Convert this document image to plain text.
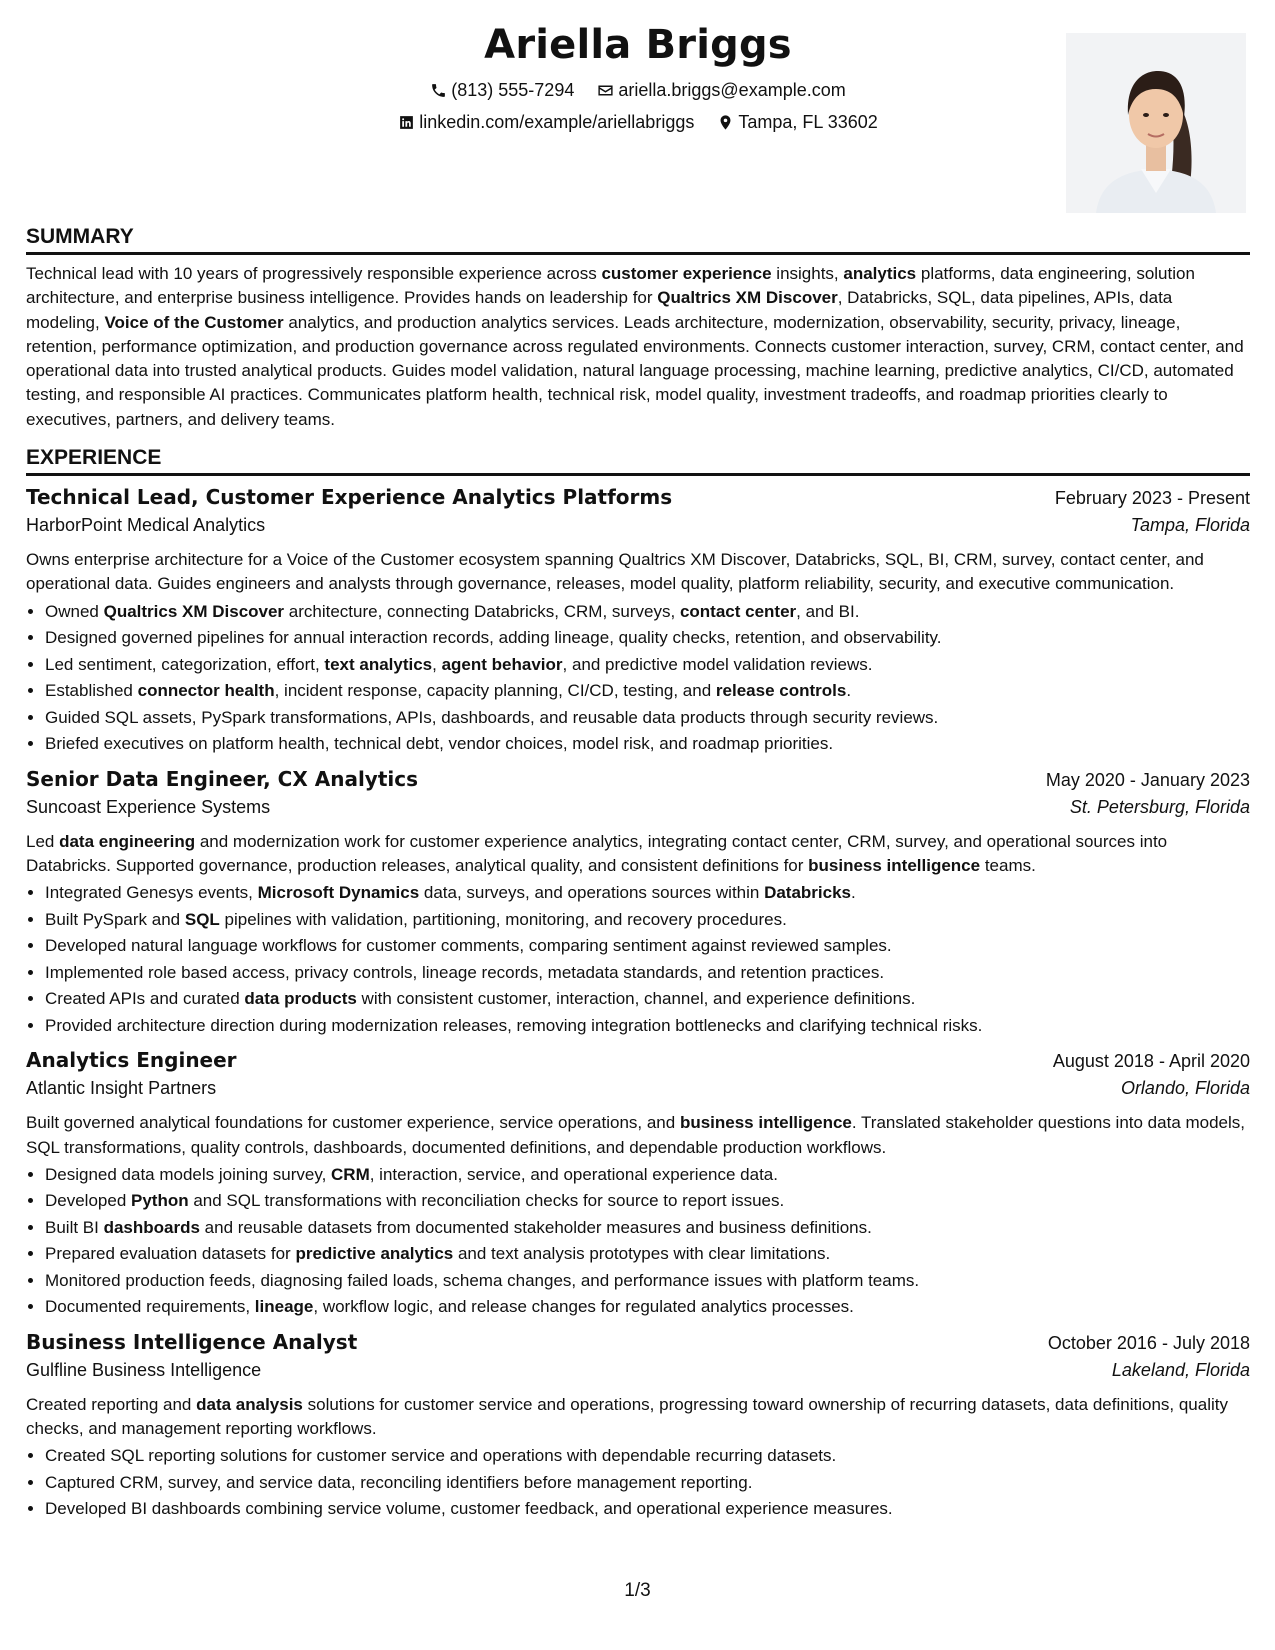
Ariella Briggs
(813) 555-7294
ariella.briggs@example.com
linkedin.com/example/ariellabriggs
Tampa, FL 33602
SUMMARY

Technical lead with 10 years of progressively responsible experience across customer experience insights, analytics platforms, data engineering, solution architecture, and enterprise business intelligence. Provides hands on leadership for Qualtrics XM Discover, Databricks, SQL, data pipelines, APIs, data modeling, Voice of the Customer analytics, and production analytics services. Leads architecture, modernization, observability, security, privacy, lineage, retention, performance optimization, and production governance across regulated environments. Connects customer interaction, survey, CRM, contact center, and operational data into trusted analytical products. Guides model validation, natural language processing, machine learning, predictive analytics, CI/CD, automated testing, and responsible AI practices. Communicates platform health, technical risk, model quality, investment tradeoffs, and roadmap priorities clearly to executives, partners, and delivery teams.

EXPERIENCE
Technical Lead, Customer Experience Analytics Platforms	February 2023 - Present
HarborPoint Medical Analytics	Tampa, Florida
Owns enterprise architecture for a Voice of the Customer ecosystem spanning Qualtrics XM Discover, Databricks, SQL, BI, CRM, survey, contact center, and operational data. Guides engineers and analysts through governance, releases, model quality, platform reliability, security, and executive communication.
• Owned Qualtrics XM Discover architecture, connecting Databricks, CRM, surveys, contact center, and BI.
• Designed governed pipelines for annual interaction records, adding lineage, quality checks, retention, and observability.
• Led sentiment, categorization, effort, text analytics, agent behavior, and predictive model validation reviews.
• Established connector health, incident response, capacity planning, CI/CD, testing, and release controls.
• Guided SQL assets, PySpark transformations, APIs, dashboards, and reusable data products through security reviews.
• Briefed executives on platform health, technical debt, vendor choices, model risk, and roadmap priorities.
Senior Data Engineer, CX Analytics	May 2020 - January 2023
Suncoast Experience Systems	St. Petersburg, Florida
Led data engineering and modernization work for customer experience analytics, integrating contact center, CRM, survey, and operational sources into Databricks. Supported governance, production releases, analytical quality, and consistent definitions for business intelligence teams.
• Integrated Genesys events, Microsoft Dynamics data, surveys, and operations sources within Databricks.
• Built PySpark and SQL pipelines with validation, partitioning, monitoring, and recovery procedures.
• Developed natural language workflows for customer comments, comparing sentiment against reviewed samples.
• Implemented role based access, privacy controls, lineage records, metadata standards, and retention practices.
• Created APIs and curated data products with consistent customer, interaction, channel, and experience definitions.
• Provided architecture direction during modernization releases, removing integration bottlenecks and clarifying technical risks.
Analytics Engineer	August 2018 - April 2020
Atlantic Insight Partners	Orlando, Florida
Built governed analytical foundations for customer experience, service operations, and business intelligence. Translated stakeholder questions into data models, SQL transformations, quality controls, dashboards, documented definitions, and dependable production workflows.
• Designed data models joining survey, CRM, interaction, service, and operational experience data.
• Developed Python and SQL transformations with reconciliation checks for source to report issues.
• Built BI dashboards and reusable datasets from documented stakeholder measures and business definitions.
• Prepared evaluation datasets for predictive analytics and text analysis prototypes with clear limitations.
• Monitored production feeds, diagnosing failed loads, schema changes, and performance issues with platform teams.
• Documented requirements, lineage, workflow logic, and release changes for regulated analytics processes.
Business Intelligence Analyst	October 2016 - July 2018
Gulfline Business Intelligence	Lakeland, Florida
Created reporting and data analysis solutions for customer service and operations, progressing toward ownership of recurring datasets, data definitions, quality checks, and management reporting workflows.
• Created SQL reporting solutions for customer service and operations with dependable recurring datasets.
• Captured CRM, survey, and service data, reconciling identifiers before management reporting.
• Developed BI dashboards combining service volume, customer feedback, and operational experience measures.
1/3
